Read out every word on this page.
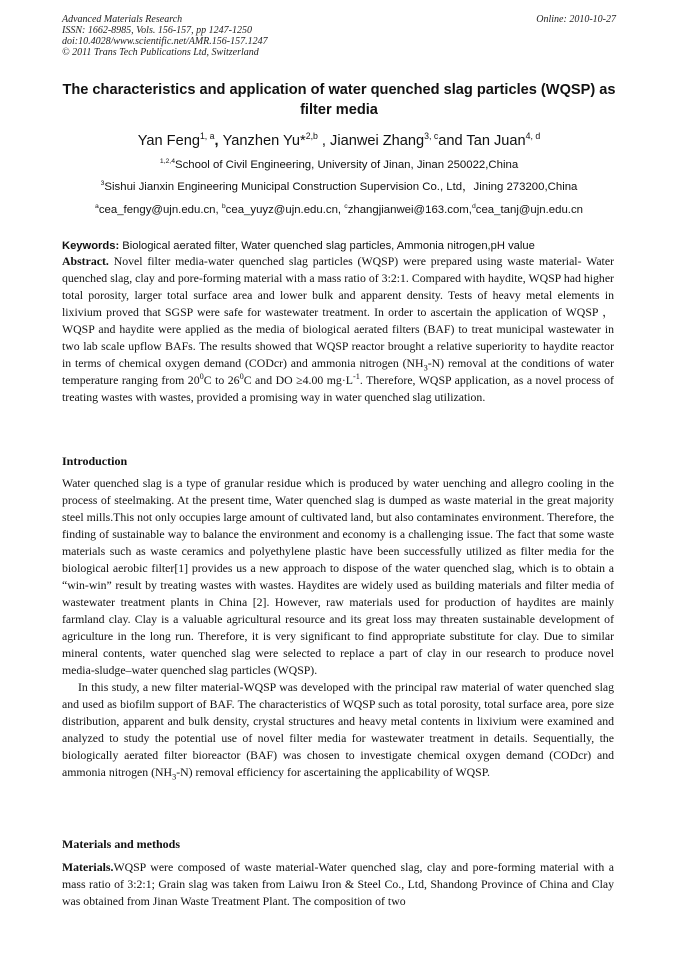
Advanced Materials Research
ISSN: 1662-8985, Vols. 156-157, pp 1247-1250
doi:10.4028/www.scientific.net/AMR.156-157.1247
© 2011 Trans Tech Publications Ltd, Switzerland
Online: 2010-10-27
The characteristics and application of water quenched slag particles (WQSP) as filter media
Yan Feng$^{1, a}$, Yanzhen Yu*$^{2,b}$ , Jianwei Zhang$^{3, c}$and Tan Juan$^{4, d}$
$^{1,2,4}$School of Civil Engineering, University of Jinan, Jinan 250022,China
$^3$Sishui Jianxin Engineering Municipal Construction Supervision Co., Ltd，Jining 273200,China
$^a$cea_fengy@ujn.edu.cn, $^b$cea_yuyz@ujn.edu.cn, $^c$zhangjianwei@163.com,$^d$cea_tanj@ujn.edu.cn
Keywords: Biological aerated filter, Water quenched slag particles, Ammonia nitrogen,pH value

Abstract. Novel filter media-water quenched slag particles (WQSP) were prepared using waste material- Water quenched slag, clay and pore-forming material with a mass ratio of 3:2:1. Compared with haydite, WQSP had higher total porosity, larger total surface area and lower bulk and apparent density. Tests of heavy metal elements in lixivium proved that SGSP were safe for wastewater treatment. In order to ascertain the application of WQSP ， WQSP and haydite were applied as the media of biological aerated filters (BAF) to treat municipal wastewater in two lab scale upflow BAFs. The results showed that WQSP reactor brought a relative superiority to haydite reactor in terms of chemical oxygen demand (CODcr) and ammonia nitrogen $(NH_3-N)$ removal at the conditions of water temperature ranging from $20^0C$ to $26^0C$ and DO ≥4.00 $mg\cdot L^{-1}$. Therefore, WQSP application, as a novel process of treating wastes with wastes, provided a promising way in water quenched slag utilization.

Introduction

Water quenched slag is a type of granular residue which is produced by water uenching and allegro cooling in the process of steelmaking. At the present time, Water quenched slag is dumped as waste material in the great majority steel mills.This not only occupies large amount of cultivated land, but also contaminates environment. Therefore, the finding of sustainable way to balance the environment and economy is a challenging issue. The fact that some waste materials such as waste ceramics and polyethylene plastic have been successfully utilized as filter media for the biological aerobic filter[1] provides us a new approach to dispose of the water quenched slag, which is to obtain a “win-win” result by treating wastes with wastes. Haydites are widely used as building materials and filter media of wastewater treatment plants in China [2]. However, raw materials used for production of haydites are mainly farmland clay. Clay is a valuable agricultural resource and its great loss may threaten sustainable development of agriculture in the long run. Therefore, it is very significant to find appropriate substitute for clay. Due to similar mineral contents, water quenched slag were selected to replace a part of clay in our research to produce novel media-sludge–water quenched slag particles (WQSP).

In this study, a new filter material-WQSP was developed with the principal raw material of water quenched slag and used as biofilm support of BAF. The characteristics of WQSP such as total porosity, total surface area, pore size distribution, apparent and bulk density, crystal structures and heavy metal contents in lixivium were examined and analyzed to study the potential use of novel filter media for wastewater treatment in details. Sequentially, the biologically aerated filter bioreactor (BAF) was chosen to investigate chemical oxygen demand (CODcr) and ammonia nitrogen $(NH_3-N)$ removal efficiency for ascertaining the applicability of WQSP.

Materials and methods

Materials.WQSP were composed of waste material-Water quenched slag, clay and pore-forming material with a mass ratio of 3:2:1; Grain slag was taken from Laiwu Iron & Steel Co., Ltd, Shandong Province of China and Clay was obtained from Jinan Waste Treatment Plant. The composition of two
